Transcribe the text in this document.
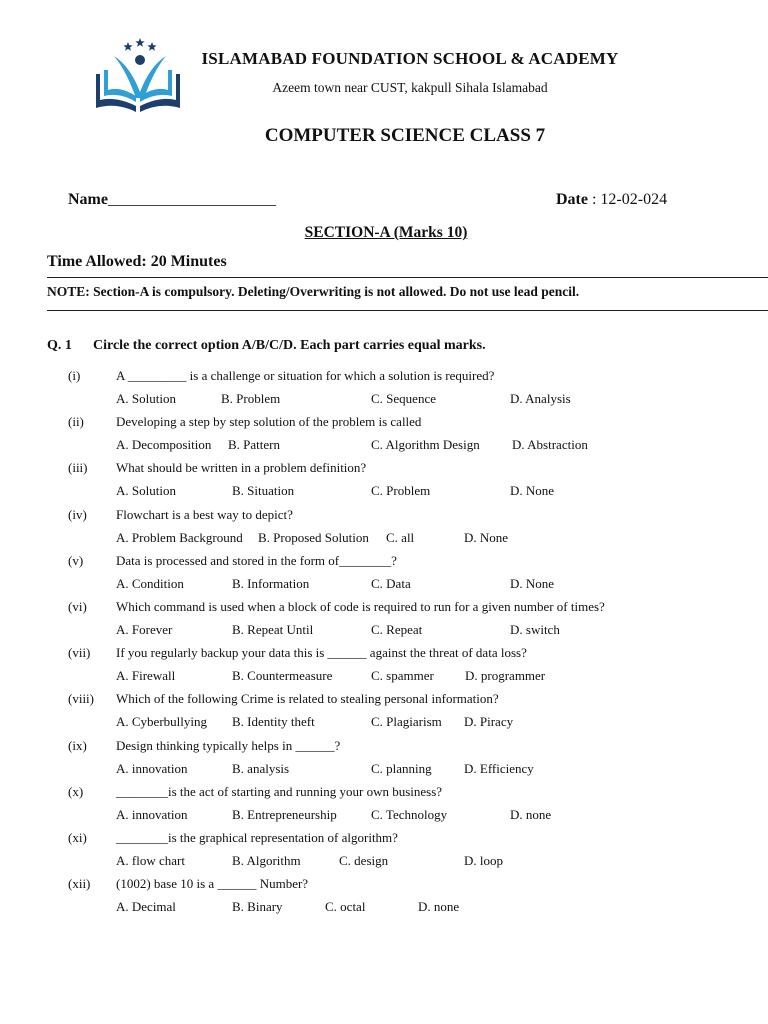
ISLAMABAD FOUNDATION SCHOOL & ACADEMY
Azeem town near CUST, kakpull Sihala Islamabad
COMPUTER SCIENCE CLASS 7
Name_____________________	Date : 12-02-024
SECTION-A (Marks 10)
Time Allowed: 20 Minutes
NOTE: Section-A is compulsory. Deleting/Overwriting is not allowed. Do not use lead pencil.
Q. 1 Circle the correct option A/B/C/D. Each part carries equal marks.
(i)	A _________ is a challenge or situation for which a solution is required?
A. Solution	B. Problem	C. Sequence	D. Analysis
(ii) Developing a step by step solution of the problem is called
A. Decomposition B. Pattern	C. Algorithm Design D. Abstraction
(iii) What should be written in a problem definition?
A. Solution	B. Situation	C. Problem	D. None
(iv) Flowchart is a best way to depict?
A. Problem Background B. Proposed Solution C. all	D. None
(v)	Data is processed and stored in the form of________?
A. Condition	B. Information	C. Data	D. None
(vi) Which command is used when a block of code is required to run for a given number of times?
A. Forever	B. Repeat Until	C. Repeat	D. switch
(vii) If you regularly backup your data this is ______ against the threat of data loss?
A. Firewall	B. Countermeasure	C. spammer D. programmer
(viii) Which of the following Crime is related to stealing personal information?
A. Cyberbullying B. Identity theft	C. Plagiarism D. Piracy
(ix) Design thinking typically helps in ______?
A. innovation	B. analysis	C. planning D. Efficiency
(x)	________is the act of starting and running your own business?
A. innovation	B. Entrepreneurship	C. Technology	D. none
(xi) ________is the graphical representation of algorithm?
A. flow chart	B. Algorithm	C. design	D. loop
(xii) (1002) base 10 is a ______ Number?
A. Decimal	B. Binary	C. octal	D. none
